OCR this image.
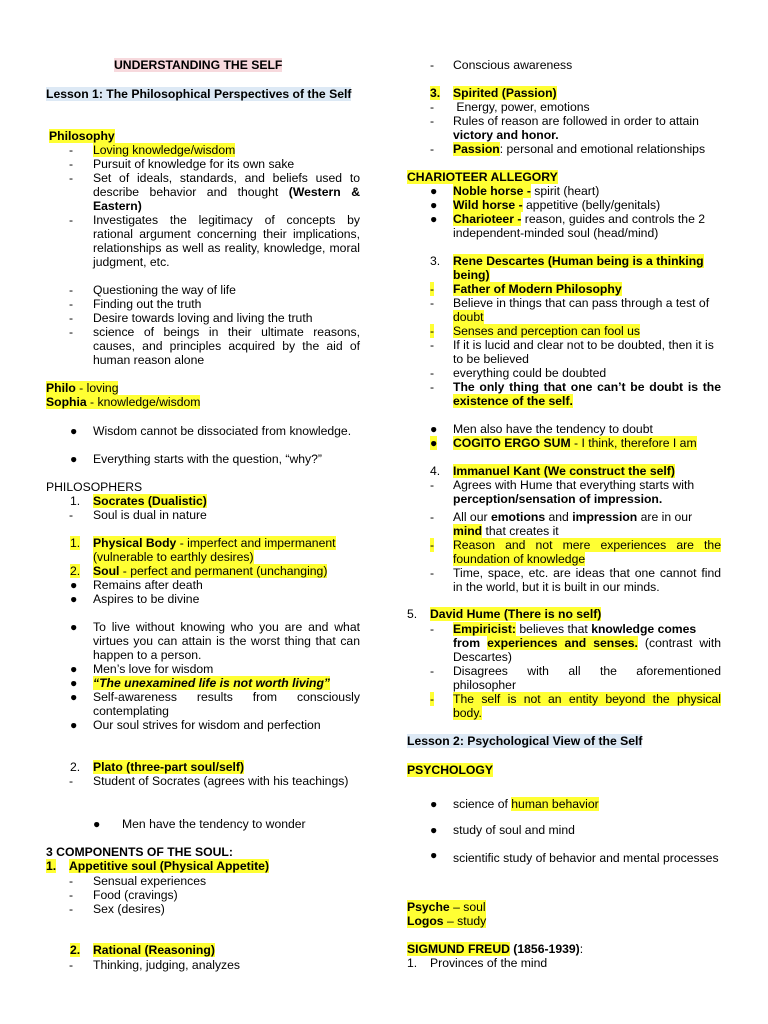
UNDERSTANDING THE SELF
Lesson 1: The Philosophical Perspectives of the Self
Philosophy
- Loving knowledge/wisdom
- Pursuit of knowledge for its own sake
- Set of ideals, standards, and beliefs used to describe behavior and thought (Western & Eastern)
- Investigates the legitimacy of concepts by rational argument concerning their implications, relationships as well as reality, knowledge, moral judgment, etc.
- Questioning the way of life
- Finding out the truth
- Desire towards loving and living the truth
- science of beings in their ultimate reasons, causes, and principles acquired by the aid of human reason alone
Philo - loving
Sophia - knowledge/wisdom
● Wisdom cannot be dissociated from knowledge.
● Everything starts with the question, “why?”
PHILOSOPHERS
1. Socrates (Dualistic)
- Soul is dual in nature
1. Physical Body - imperfect and impermanent (vulnerable to earthly desires)
2. Soul - perfect and permanent (unchanging)
● Remains after death
● Aspires to be divine
● To live without knowing who you are and what virtues you can attain is the worst thing that can happen to a person.
● Men’s love for wisdom
● “The unexamined life is not worth living”
● Self-awareness results from consciously contemplating
● Our soul strives for wisdom and perfection
2. Plato (three-part soul/self)
- Student of Socrates (agrees with his teachings)
● Men have the tendency to wonder
3 COMPONENTS OF THE SOUL:
1. Appetitive soul (Physical Appetite)
- Sensual experiences
- Food (cravings)
- Sex (desires)
2. Rational (Reasoning)
- Thinking, judging, analyzes
- Conscious awareness
3. Spirited (Passion)
- Energy, power, emotions
- Rules of reason are followed in order to attain
victory and honor.
- Passion: personal and emotional relationships
CHARIOTEER ALLEGORY
● Noble horse - spirit (heart)
● Wild horse - appetitive (belly/genitals)
● Charioteer - reason, guides and controls the 2 independent-minded soul (head/mind)
3. Rene Descartes (Human being is a thinking being)
- Father of Modern Philosophy
- Believe in things that can pass through a test of doubt
- Senses and perception can fool us
- If it is lucid and clear not to be doubted, then it is to be believed
- everything could be doubted
- The only thing that one can’t be doubt is the existence of the self.
● Men also have the tendency to doubt
● COGITO ERGO SUM - I think, therefore I am
4. Immanuel Kant (We construct the self)
- Agrees with Hume that everything starts with
perception/sensation of impression.
- All our emotions and impression are in our
mind that creates it
- Reason and not mere experiences are the foundation of knowledge
- Time, space, etc. are ideas that one cannot find in the world, but it is built in our minds.
5. David Hume (There is no self)
- Empiricist: believes that knowledge comes
from experiences and senses. (contrast with Descartes)
- Disagrees with all the aforementioned philosopher
- The self is not an entity beyond the physical body.
Lesson 2: Psychological View of the Self
PSYCHOLOGY
● science of human behavior
● study of soul and mind
● scientific study of behavior and mental processes
Psyche – soul
Logos – study
SIGMUND FREUD (1856-1939):
1. Provinces of the mind
